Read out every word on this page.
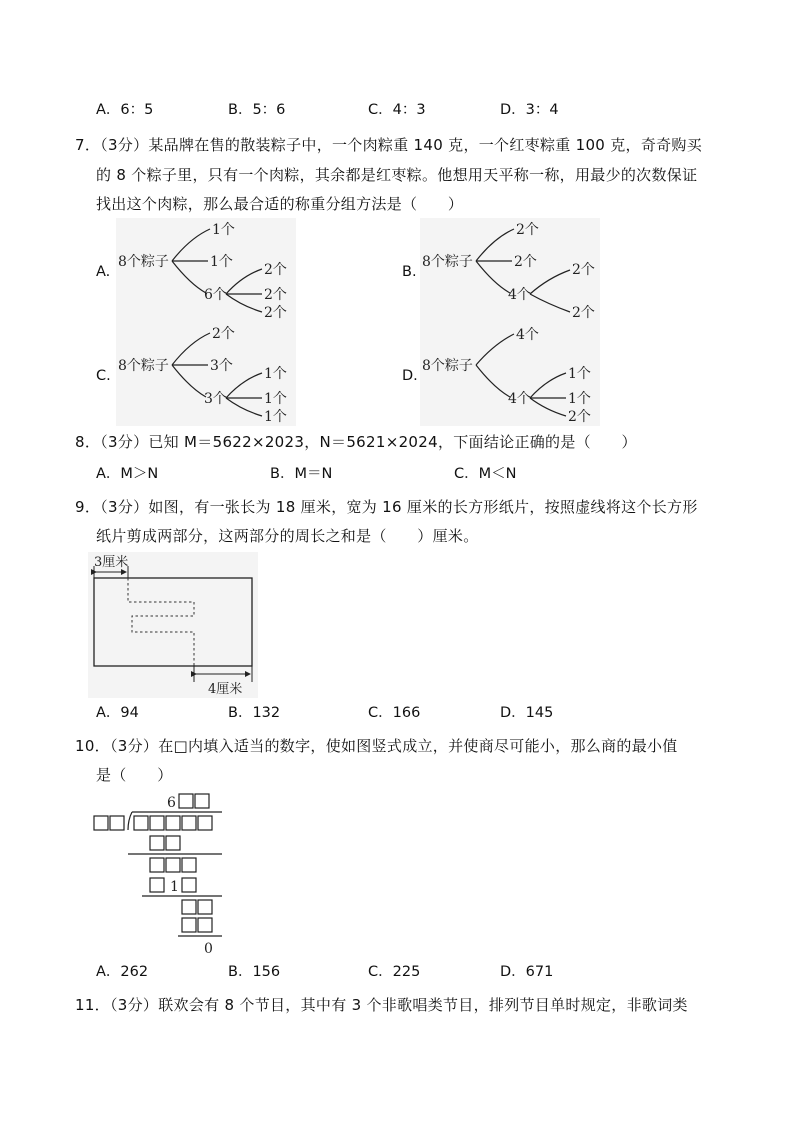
A．6：5	B．5：6	C．4：3	D．3：4
7．（3分）某品牌在售的散装粽子中，一个肉粽重 140 克，一个红枣粽重 100 克，奇奇购买
的 8 个粽子里，只有一个肉粽，其余都是红枣粽。他想用天平称一称，用最少的次数保证
找出这个肉粽，那么最合适的称重分组方法是（　　）
A.
8个粽子
1个
1个
6个
2个
2个
2个
B.
8个粽子
2个
2个
4个
2个
2个
C.
8个粽子
2个
3个
3个
1个
1个
1个
D.
8个粽子
4个
4个
1个
1个
2个
8．（3分）已知 M＝5622×2023，N＝5621×2024，下面结论正确的是（　　）
A．M＞N	B．M＝N	C．M＜N
9．（3分）如图，有一张长为 18 厘米，宽为 16 厘米的长方形纸片，按照虚线将这个长方形
纸片剪成两部分，这两部分的周长之和是（　　）厘米。
3厘米
4厘米
A．94	B．132	C．166	D．145
10．（3分）在□内填入适当的数字，使如图竖式成立，并使商尽可能小，那么商的最小值
是（　　）
6
1
0
A．262	B．156	C．225	D．671
11．（3分）联欢会有 8 个节目，其中有 3 个非歌唱类节目，排列节目单时规定，非歌词类
